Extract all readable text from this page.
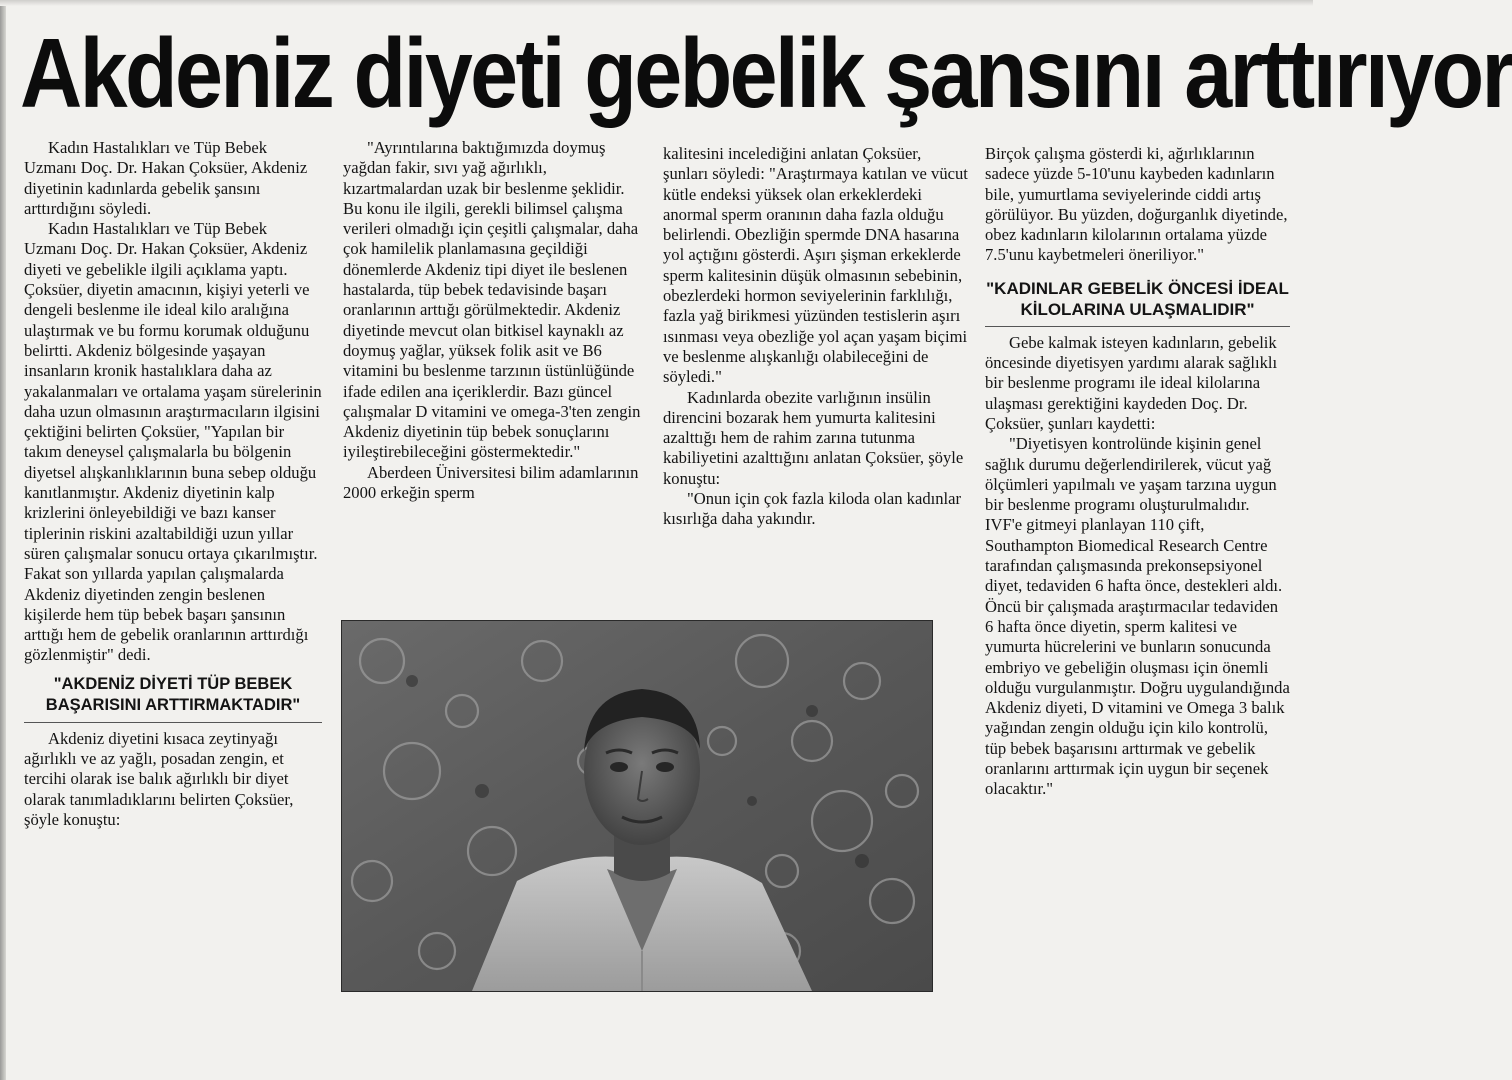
Akdeniz diyeti gebelik şansını arttırıyor

Kadın Hastalıkları ve Tüp Bebek Uzmanı Doç. Dr. Hakan Çoksüer, Akdeniz diyetinin kadınlarda gebelik şansını arttırdığını söyledi.

Kadın Hastalıkları ve Tüp Bebek Uzmanı Doç. Dr. Hakan Çoksüer, Akdeniz diyeti ve gebelikle ilgili açıklama yaptı. Çoksüer, diyetin amacının, kişiyi yeterli ve dengeli beslenme ile ideal kilo aralığına ulaştırmak ve bu formu korumak olduğunu belirtti. Akdeniz bölgesinde yaşayan insanların kronik hastalıklara daha az yakalanmaları ve ortalama yaşam sürelerinin daha uzun olmasının araştırmacıların ilgisini çektiğini belirten Çoksüer, "Yapılan bir takım deneysel çalışmalarla bu bölgenin diyetsel alışkanlıklarının buna sebep olduğu kanıtlanmıştır. Akdeniz diyetinin kalp krizlerini önleyebildiği ve bazı kanser tiplerinin riskini azaltabildiği uzun yıllar süren çalışmalar sonucu ortaya çıkarılmıştır. Fakat son yıllarda yapılan çalışmalarda Akdeniz diyetinden zengin beslenen kişilerde hem tüp bebek başarı şansının arttığı hem de gebelik oranlarının arttırdığı gözlenmiştir" dedi.

"AKDENİZ DİYETİ TÜP BEBEK BAŞARISINI ARTTIRMAKTADIR"

Akdeniz diyetini kısaca zeytinyağı ağırlıklı ve az yağlı, posadan zengin, et tercihi olarak ise balık ağırlıklı bir diyet olarak tanımladıklarını belirten Çoksüer, şöyle konuştu:

"Ayrıntılarına baktığımızda doymuş yağdan fakir, sıvı yağ ağırlıklı, kızartmalardan uzak bir beslenme şeklidir. Bu konu ile ilgili, gerekli bilimsel çalışma verileri olmadığı için çeşitli çalışmalar, daha çok hamilelik planlamasına geçildiği dönemlerde Akdeniz tipi diyet ile beslenen hastalarda, tüp bebek tedavisinde başarı oranlarının arttığı görülmektedir. Akdeniz diyetinde mevcut olan bitkisel kaynaklı az doymuş yağlar, yüksek folik asit ve B6 vitamini bu beslenme tarzının üstünlüğünde ifade edilen ana içeriklerdir. Bazı güncel çalışmalar D vitamini ve omega-3'ten zengin Akdeniz diyetinin tüp bebek sonuçlarını iyileştirebileceğini göstermektedir."

Aberdeen Üniversitesi bilim adamlarının 2000 erkeğin sperm

kalitesini incelediğini anlatan Çoksüer, şunları söyledi: "Araştırmaya katılan ve vücut kütle endeksi yüksek olan erkeklerdeki anormal sperm oranının daha fazla olduğu belirlendi. Obezliğin spermde DNA hasarına yol açtığını gösterdi. Aşırı şişman erkeklerde sperm kalitesinin düşük olmasının sebebinin, obezlerdeki hormon seviyelerinin farklılığı, fazla yağ birikmesi yüzünden testislerin aşırı ısınması veya obezliğe yol açan yaşam biçimi ve beslenme alışkanlığı olabileceğini de söyledi."

Kadınlarda obezite varlığının insülin direncini bozarak hem yumurta kalitesini azalttığı hem de rahim zarına tutunma kabiliyetini azalttığını anlatan Çoksüer, şöyle konuştu:

"Onun için çok fazla kiloda olan kadınlar kısırlığa daha yakındır.

Birçok çalışma gösterdi ki, ağırlıklarının sadece yüzde 5-10'unu kaybeden kadınların bile, yumurtlama seviyelerinde ciddi artış görülüyor. Bu yüzden, doğurganlık diyetinde, obez kadınların kilolarının ortalama yüzde 7.5'unu kaybetmeleri öneriliyor."

"KADINLAR GEBELİK ÖNCESİ İDEAL KİLOLARINA ULAŞMALIDIR"

Gebe kalmak isteyen kadınların, gebelik öncesinde diyetisyen yardımı alarak sağlıklı bir beslenme programı ile ideal kilolarına ulaşması gerektiğini kaydeden Doç. Dr. Çoksüer, şunları kaydetti:

"Diyetisyen kontrolünde kişinin genel sağlık durumu değerlendirilerek, vücut yağ ölçümleri yapılmalı ve yaşam tarzına uygun bir beslenme programı oluşturulmalıdır. IVF'e gitmeyi planlayan 110 çift, Southampton Biomedical Research Centre tarafından çalışmasında prekonsepsiyonel diyet, tedaviden 6 hafta önce, destekleri aldı. Öncü bir çalışmada araştırmacılar tedaviden 6 hafta önce diyetin, sperm kalitesi ve yumurta hücrelerini ve bunların sonucunda embriyo ve gebeliğin oluşması için önemli olduğu vurgulanmıştır. Doğru uygulandığında Akdeniz diyeti, D vitamini ve Omega 3 balık yağından zengin olduğu için kilo kontrolü, tüp bebek başarısını arttırmak ve gebelik oranlarını arttırmak için uygun bir seçenek olacaktır."
